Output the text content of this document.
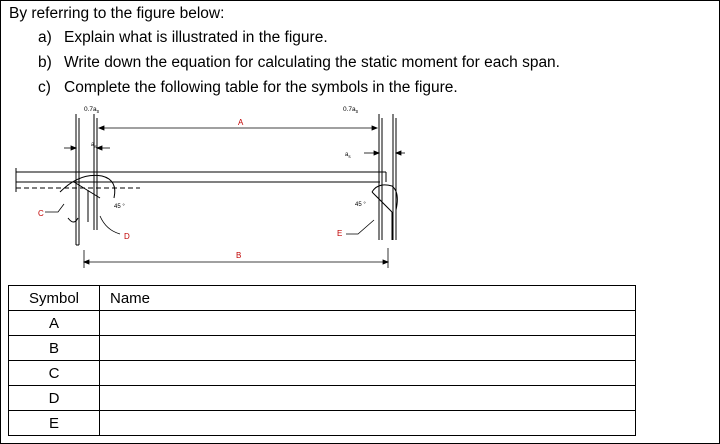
By referring to the figure below:
a) Explain what is illustrated in the figure.
b) Write down the equation for calculating the static moment for each span.
c) Complete the following table for the symbols in the figure.
$0.7a_s$	$0.7a_s$
A
$a_s$
$a_s$
45 °	45 °
C
D	E
B
Symbol	Name
A	
B	
C	
D	
E	
